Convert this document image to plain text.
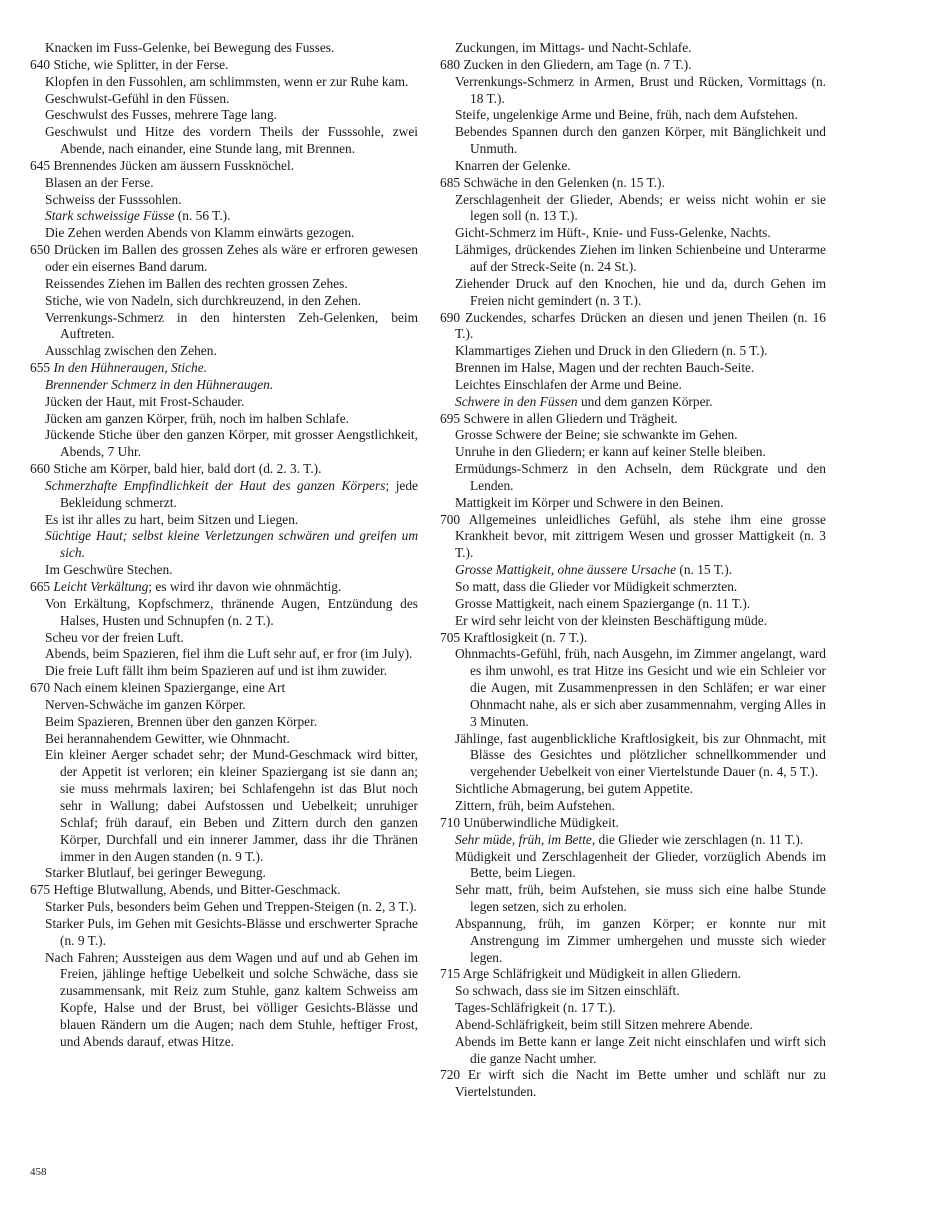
Knacken im Fuss-Gelenke, bei Bewegung des Fusses.
640 Stiche, wie Splitter, in der Ferse.
Klopfen in den Fussohlen, am schlimmsten, wenn er zur Ruhe kam.
Geschwulst-Gefühl in den Füssen.
Geschwulst des Fusses, mehrere Tage lang.
Geschwulst und Hitze des vordern Theils der Fusssohle, zwei Abende, nach einander, eine Stunde lang, mit Brennen.
645 Brennendes Jücken am äussern Fussknöchel.
Blasen an der Ferse.
Schweiss der Fusssohlen.
Stark schweissige Füsse (n. 56 T.).
Die Zehen werden Abends von Klamm einwärts gezogen.
650 Drücken im Ballen des grossen Zehes als wäre er erfroren gewesen oder ein eisernes Band darum.
Reissendes Ziehen im Ballen des rechten grossen Zehes.
Stiche, wie von Nadeln, sich durchkreuzend, in den Zehen.
Verrenkungs-Schmerz in den hintersten Zeh-Gelenken, beim Auftreten.
Ausschlag zwischen den Zehen.
655 In den Hühneraugen, Stiche.
Brennender Schmerz in den Hühneraugen.
Jücken der Haut, mit Frost-Schauder.
Jücken am ganzen Körper, früh, noch im halben Schlafe.
Jückende Stiche über den ganzen Körper, mit grosser Aengstlichkeit, Abends, 7 Uhr.
660 Stiche am Körper, bald hier, bald dort (d. 2. 3. T.).
Schmerzhafte Empfindlichkeit der Haut des ganzen Körpers; jede Bekleidung schmerzt.
Es ist ihr alles zu hart, beim Sitzen und Liegen.
Süchtige Haut; selbst kleine Verletzungen schwären und greifen um sich.
Im Geschwüre Stechen.
665 Leicht Verkältung; es wird ihr davon wie ohnmächtig.
Von Erkältung, Kopfschmerz, thränende Augen, Entzündung des Halses, Husten und Schnupfen (n. 2 T.).
Scheu vor der freien Luft.
Abends, beim Spazieren, fiel ihm die Luft sehr auf, er fror (im July).
Die freie Luft fällt ihm beim Spazieren auf und ist ihm zuwider.
670 Nach einem kleinen Spaziergange, eine Art
Nerven-Schwäche im ganzen Körper.
Beim Spazieren, Brennen über den ganzen Körper.
Bei herannahendem Gewitter, wie Ohnmacht.
Ein kleiner Aerger schadet sehr; der Mund-Geschmack wird bitter, der Appetit ist verloren; ein kleiner Spaziergang ist sie dann an; sie muss mehrmals laxiren; bei Schlafengehn ist das Blut noch sehr in Wallung; dabei Aufstossen und Uebelkeit; unruhiger Schlaf; früh darauf, ein Beben und Zittern durch den ganzen Körper, Durchfall und ein innerer Jammer, dass ihr die Thränen immer in den Augen standen (n. 9 T.).
Starker Blutlauf, bei geringer Bewegung.
675 Heftige Blutwallung, Abends, und Bitter-Geschmack.
Starker Puls, besonders beim Gehen und Treppen-Steigen (n. 2, 3 T.).
Starker Puls, im Gehen mit Gesichts-Blässe und erschwerter Sprache (n. 9 T.).
Nach Fahren; Aussteigen aus dem Wagen und auf und ab Gehen im Freien, jählinge heftige Uebelkeit und solche Schwäche, dass sie zusammensank, mit Reiz zum Stuhle, ganz kaltem Schweiss am Kopfe, Halse und der Brust, bei völliger Gesichts-Blässe und blauen Rändern um die Augen; nach dem Stuhle, heftiger Frost, und Abends darauf, etwas Hitze.
Zuckungen, im Mittags- und Nacht-Schlafe.
680 Zucken in den Gliedern, am Tage (n. 7 T.).
Verrenkungs-Schmerz in Armen, Brust und Rücken, Vormittags (n. 18 T.).
Steife, ungelenkige Arme und Beine, früh, nach dem Aufstehen.
Bebendes Spannen durch den ganzen Körper, mit Bänglichkeit und Unmuth.
Knarren der Gelenke.
685 Schwäche in den Gelenken (n. 15 T.).
Zerschlagenheit der Glieder, Abends; er weiss nicht wohin er sie legen soll (n. 13 T.).
Gicht-Schmerz im Hüft-, Knie- und Fuss-Gelenke, Nachts.
Lähmiges, drückendes Ziehen im linken Schienbeine und Unterarme auf der Streck-Seite (n. 24 St.).
Ziehender Druck auf den Knochen, hie und da, durch Gehen im Freien nicht gemindert (n. 3 T.).
690 Zuckendes, scharfes Drücken an diesen und jenen Theilen (n. 16 T.).
Klammartiges Ziehen und Druck in den Gliedern (n. 5 T.).
Brennen im Halse, Magen und der rechten Bauch-Seite.
Leichtes Einschlafen der Arme und Beine.
Schwere in den Füssen und dem ganzen Körper.
695 Schwere in allen Gliedern und Trägheit.
Grosse Schwere der Beine; sie schwankte im Gehen.
Unruhe in den Gliedern; er kann auf keiner Stelle bleiben.
Ermüdungs-Schmerz in den Achseln, dem Rückgrate und den Lenden.
Mattigkeit im Körper und Schwere in den Beinen.
700 Allgemeines unleidliches Gefühl, als stehe ihm eine grosse Krankheit bevor, mit zittrigem Wesen und grosser Mattigkeit (n. 3 T.).
Grosse Mattigkeit, ohne äussere Ursache (n. 15 T.).
So matt, dass die Glieder vor Müdigkeit schmerzten.
Grosse Mattigkeit, nach einem Spaziergange (n. 11 T.).
Er wird sehr leicht von der kleinsten Beschäftigung müde.
705 Kraftlosigkeit (n. 7 T.).
Ohnmachts-Gefühl, früh, nach Ausgehn, im Zimmer angelangt, ward es ihm unwohl, es trat Hitze ins Gesicht und wie ein Schleier vor die Augen, mit Zusammenpressen in den Schläfen; er war einer Ohnmacht nahe, als er sich aber zusammennahm, verging Alles in 3 Minuten.
Jählinge, fast augenblickliche Kraftlosigkeit, bis zur Ohnmacht, mit Blässe des Gesichtes und plötzlicher schnellkommender und vergehender Uebelkeit von einer Viertelstunde Dauer (n. 4, 5 T.).
Sichtliche Abmagerung, bei gutem Appetite.
Zittern, früh, beim Aufstehen.
710 Unüberwindliche Müdigkeit.
Sehr müde, früh, im Bette, die Glieder wie zerschlagen (n. 11 T.).
Müdigkeit und Zerschlagenheit der Glieder, vorzüglich Abends im Bette, beim Liegen.
Sehr matt, früh, beim Aufstehen, sie muss sich eine halbe Stunde legen setzen, sich zu erholen.
Abspannung, früh, im ganzen Körper; er konnte nur mit Anstrengung im Zimmer umhergehen und musste sich wieder legen.
715 Arge Schläfrigkeit und Müdigkeit in allen Gliedern.
So schwach, dass sie im Sitzen einschläft.
Tages-Schläfrigkeit (n. 17 T.).
Abend-Schläfrigkeit, beim still Sitzen mehrere Abende.
Abends im Bette kann er lange Zeit nicht einschlafen und wirft sich die ganze Nacht umher.
720 Er wirft sich die Nacht im Bette umher und schläft nur zu Viertelstunden.
458
